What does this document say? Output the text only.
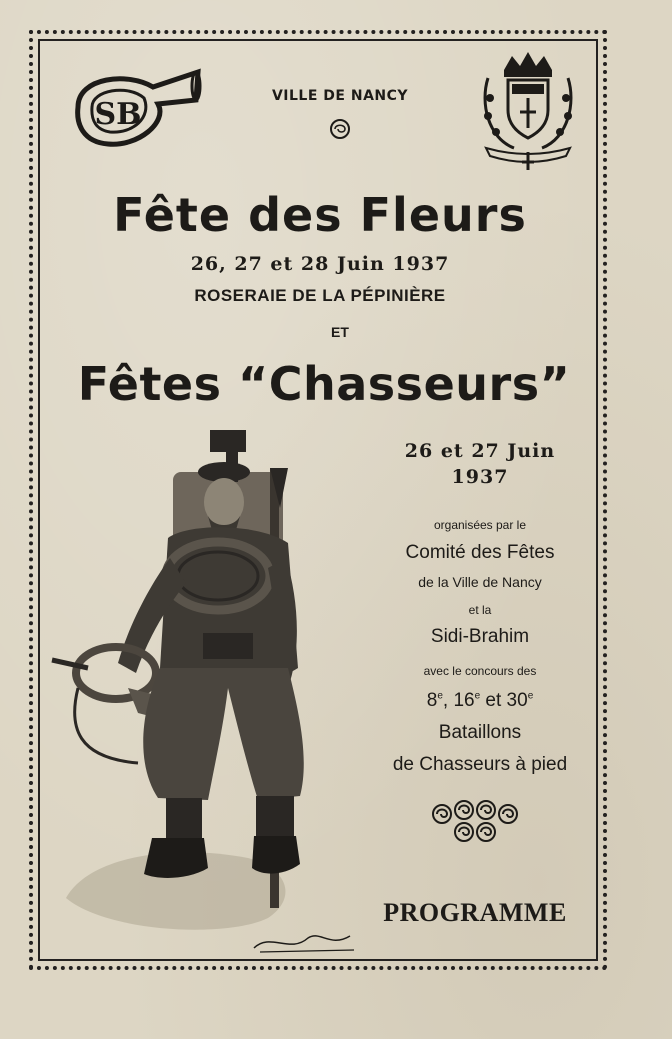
SB
VILLE DE NANCY
Fête des Fleurs
26, 27 et 28 Juin 1937
ROSERAIE DE LA PÉPINIÈRE
ET
Fêtes “Chasseurs”
26 et 27 Juin
1937
organisées par le
Comité des Fêtes
de la Ville de Nancy
et la
Sidi-Brahim
avec le concours des
8e, 16e et 30e
Bataillons
de Chasseurs à pied
PROGRAMME
